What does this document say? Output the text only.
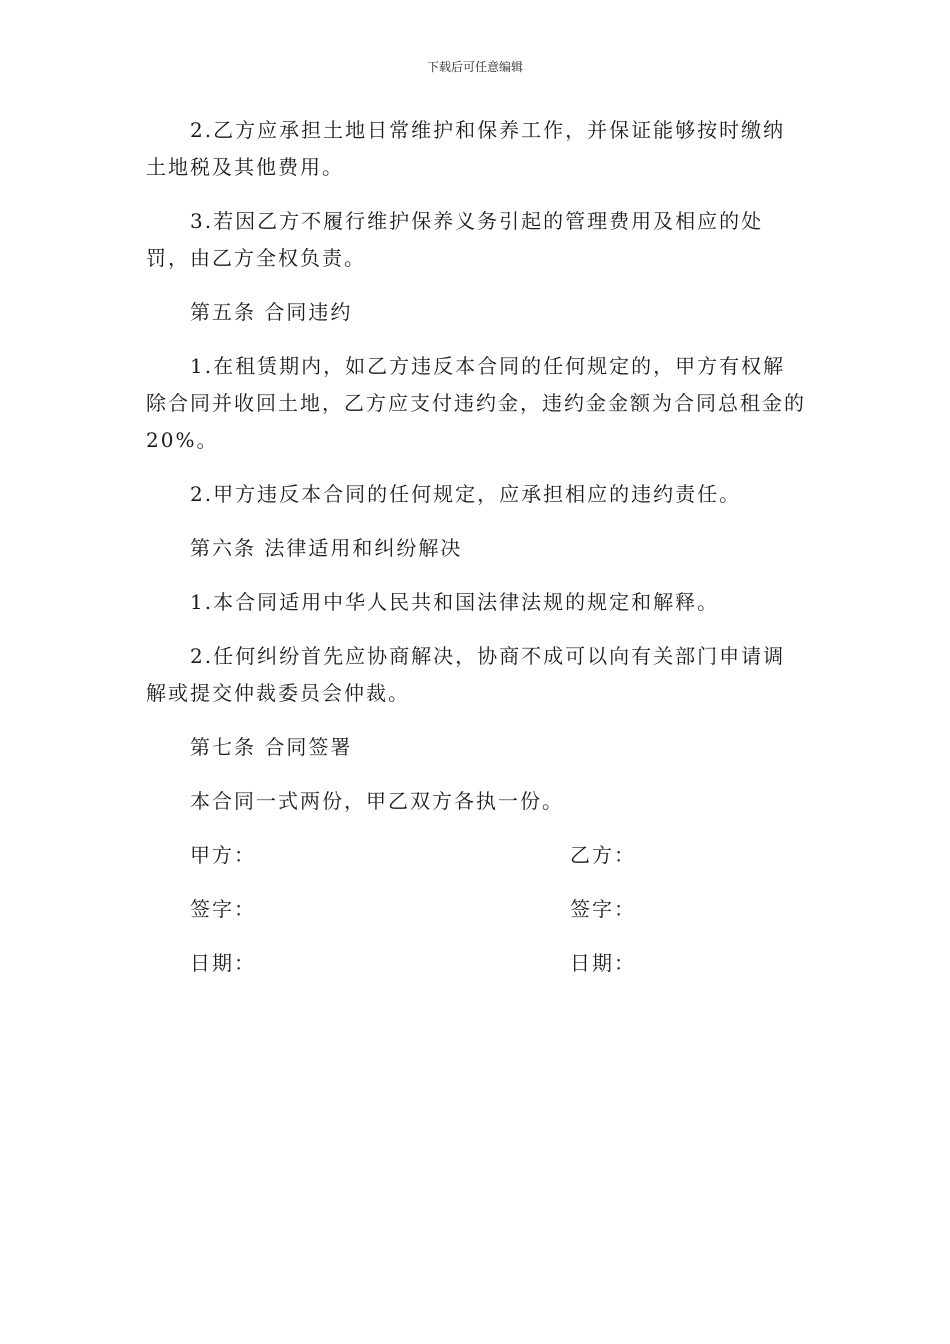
下载后可任意编辑

2.乙方应承担土地日常维护和保养工作，并保证能够按时缴纳土地税及其他费用。

3.若因乙方不履行维护保养义务引起的管理费用及相应的处罚，由乙方全权负责。

第五条 合同违约

1.在租赁期内，如乙方违反本合同的任何规定的，甲方有权解除合同并收回土地，乙方应支付违约金，违约金金额为合同总租金的20%。

2.甲方违反本合同的任何规定，应承担相应的违约责任。

第六条 法律适用和纠纷解决

1.本合同适用中华人民共和国法律法规的规定和解释。

2.任何纠纷首先应协商解决，协商不成可以向有关部门申请调解或提交仲裁委员会仲裁。

第七条 合同签署

本合同一式两份，甲乙双方各执一份。

甲方：	乙方：
签字：	签字：
日期：	日期：
